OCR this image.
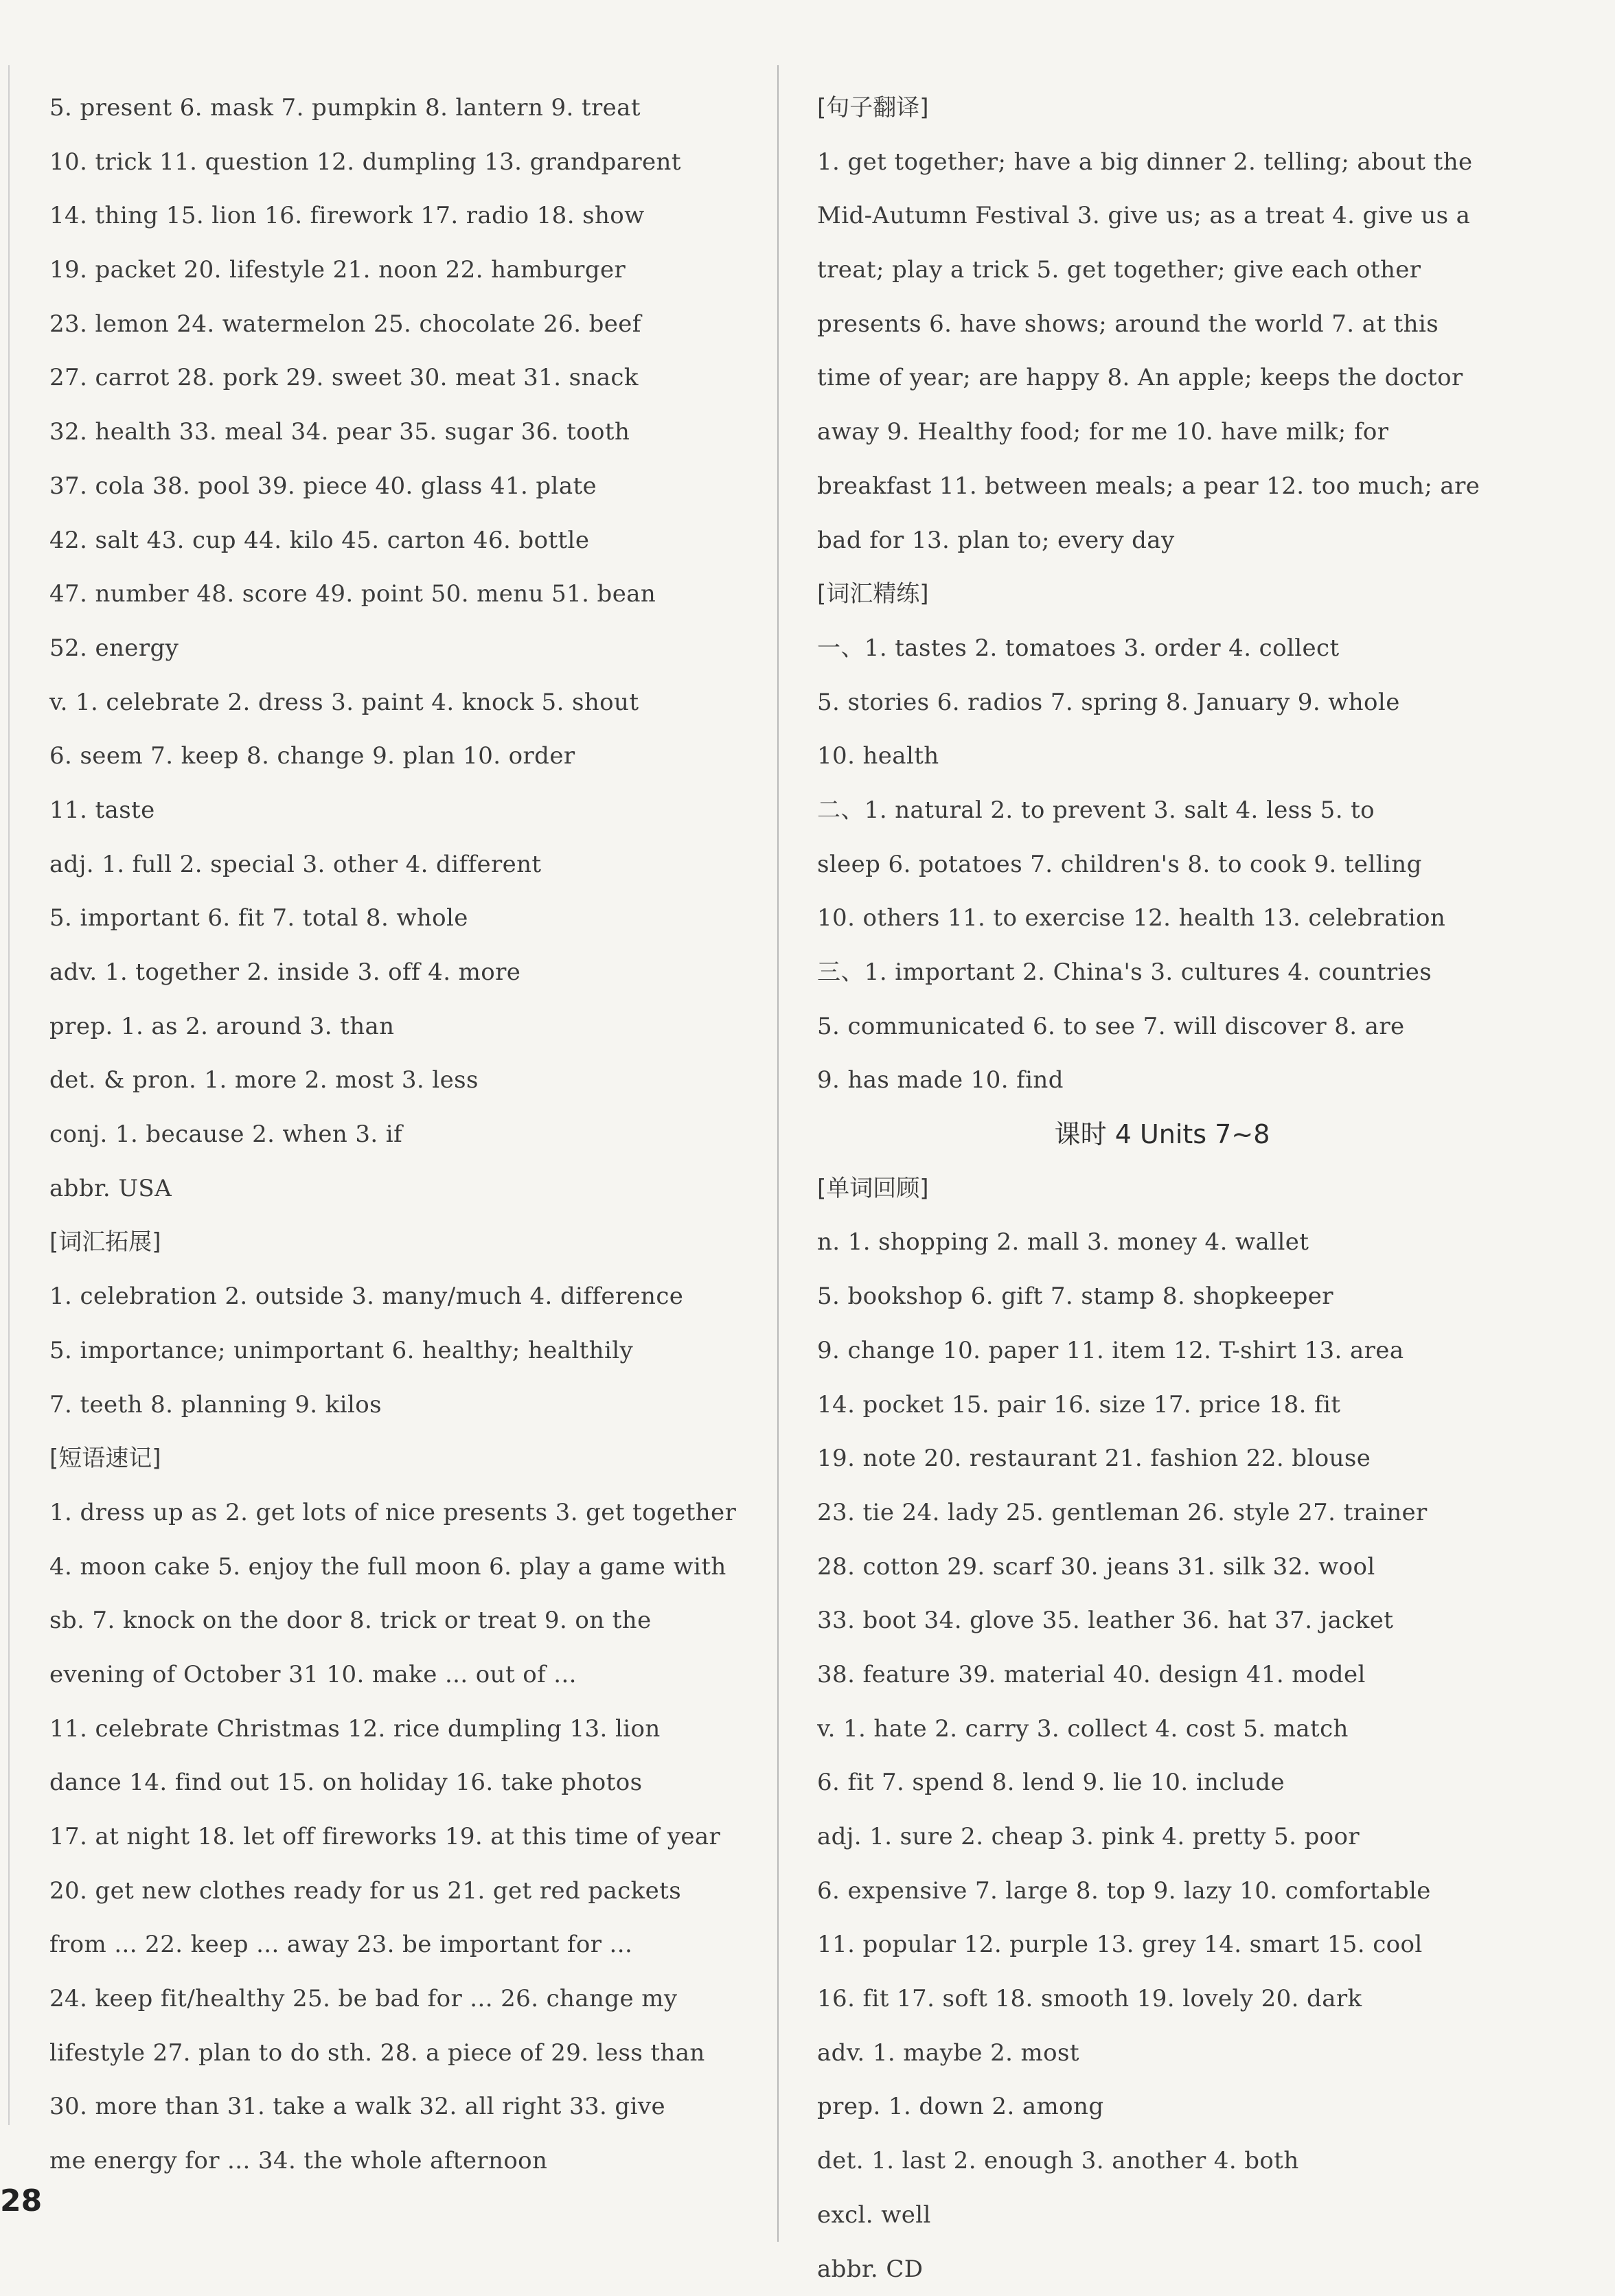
5. present 6. mask 7. pumpkin 8. lantern 9. treat
10. trick 11. question 12. dumpling 13. grandparent
14. thing 15. lion 16. firework 17. radio 18. show
19. packet 20. lifestyle 21. noon 22. hamburger
23. lemon 24. watermelon 25. chocolate 26. beef
27. carrot 28. pork 29. sweet 30. meat 31. snack
32. health 33. meal 34. pear 35. sugar 36. tooth
37. cola 38. pool 39. piece 40. glass 41. plate
42. salt 43. cup 44. kilo 45. carton 46. bottle
47. number 48. score 49. point 50. menu 51. bean
52. energy
v. 1. celebrate 2. dress 3. paint 4. knock 5. shout
6. seem 7. keep 8. change 9. plan 10. order
11. taste
adj. 1. full 2. special 3. other 4. different
5. important 6. fit 7. total 8. whole
adv. 1. together 2. inside 3. off 4. more
prep. 1. as 2. around 3. than
det. & pron. 1. more 2. most 3. less
conj. 1. because 2. when 3. if
abbr. USA
[词汇拓展]
1. celebration 2. outside 3. many/much 4. difference
5. importance; unimportant 6. healthy; healthily
7. teeth 8. planning 9. kilos
[短语速记]
1. dress up as 2. get lots of nice presents 3. get together
4. moon cake 5. enjoy the full moon 6. play a game with
sb. 7. knock on the door 8. trick or treat 9. on the
evening of October 31 10. make ... out of ...
11. celebrate Christmas 12. rice dumpling 13. lion
dance 14. find out 15. on holiday 16. take photos
17. at night 18. let off fireworks 19. at this time of year
20. get new clothes ready for us 21. get red packets
from ... 22. keep ... away 23. be important for ...
24. keep fit/healthy 25. be bad for ... 26. change my
lifestyle 27. plan to do sth. 28. a piece of 29. less than
30. more than 31. take a walk 32. all right 33. give
me energy for ... 34. the whole afternoon
[句子翻译]
1. get together; have a big dinner 2. telling; about the
Mid-Autumn Festival 3. give us; as a treat 4. give us a
treat; play a trick 5. get together; give each other
presents 6. have shows; around the world 7. at this
time of year; are happy 8. An apple; keeps the doctor
away 9. Healthy food; for me 10. have milk; for
breakfast 11. between meals; a pear 12. too much; are
bad for 13. plan to; every day
[词汇精练]
一、1. tastes 2. tomatoes 3. order 4. collect
5. stories 6. radios 7. spring 8. January 9. whole
10. health
二、1. natural 2. to prevent 3. salt 4. less 5. to
sleep 6. potatoes 7. children's 8. to cook 9. telling
10. others 11. to exercise 12. health 13. celebration
三、1. important 2. China's 3. cultures 4. countries
5. communicated 6. to see 7. will discover 8. are
9. has made 10. find
课时 4 Units 7~8
[单词回顾]
n. 1. shopping 2. mall 3. money 4. wallet
5. bookshop 6. gift 7. stamp 8. shopkeeper
9. change 10. paper 11. item 12. T-shirt 13. area
14. pocket 15. pair 16. size 17. price 18. fit
19. note 20. restaurant 21. fashion 22. blouse
23. tie 24. lady 25. gentleman 26. style 27. trainer
28. cotton 29. scarf 30. jeans 31. silk 32. wool
33. boot 34. glove 35. leather 36. hat 37. jacket
38. feature 39. material 40. design 41. model
v. 1. hate 2. carry 3. collect 4. cost 5. match
6. fit 7. spend 8. lend 9. lie 10. include
adj. 1. sure 2. cheap 3. pink 4. pretty 5. poor
6. expensive 7. large 8. top 9. lazy 10. comfortable
11. popular 12. purple 13. grey 14. smart 15. cool
16. fit 17. soft 18. smooth 19. lovely 20. dark
adv. 1. maybe 2. most
prep. 1. down 2. among
det. 1. last 2. enough 3. another 4. both
excl. well
abbr. CD
28
